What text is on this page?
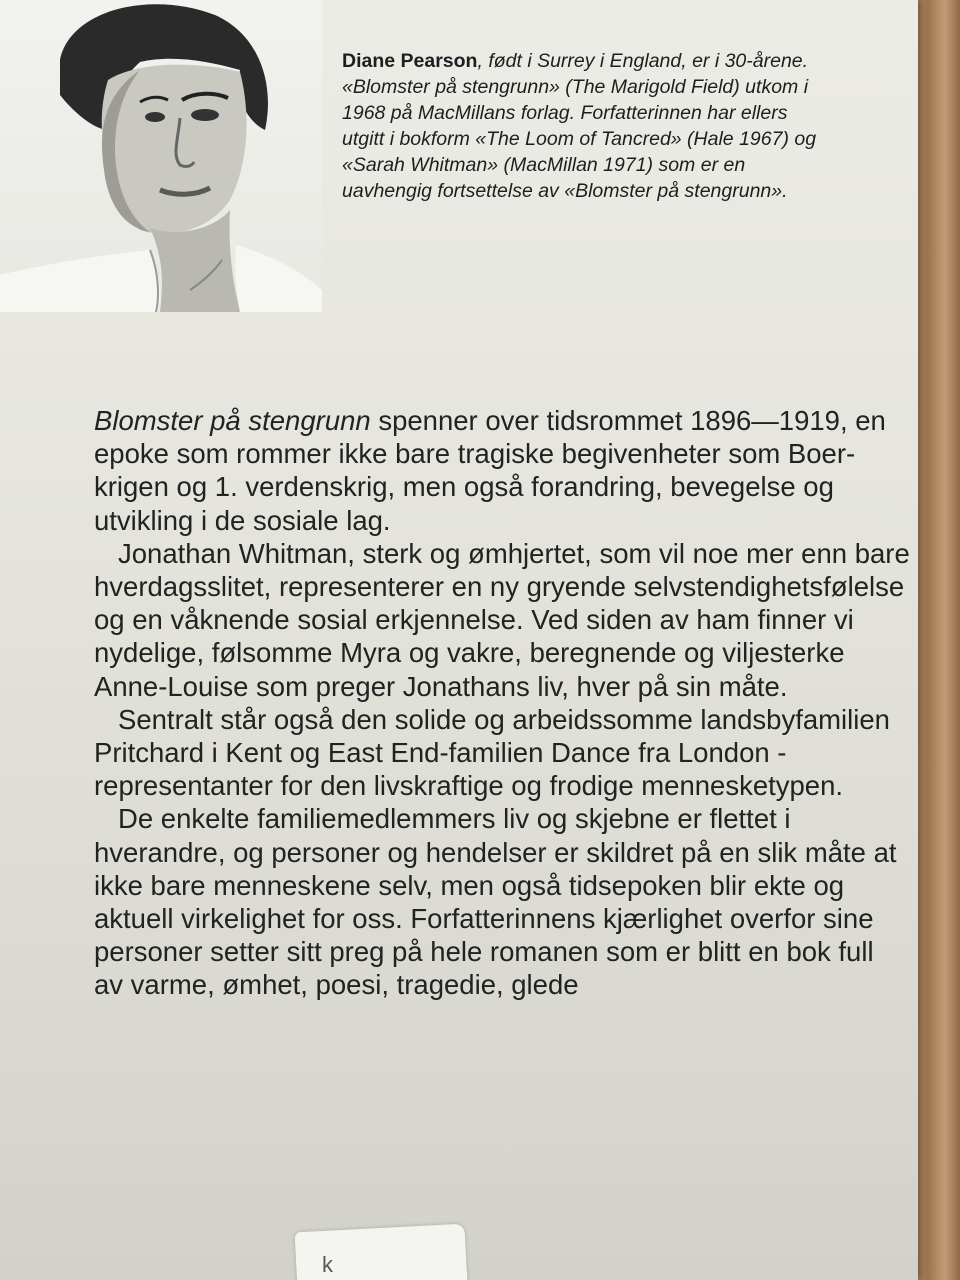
Diane Pearson, født i Surrey i England, er i 30-årene. «Blomster på stengrunn» (The Marigold Field) utkom i 1968 på MacMillans forlag. Forfatterinnen har ellers utgitt i bokform «The Loom of Tancred» (Hale 1967) og «Sarah Whitman» (MacMillan 1971) som er en uavhengig fortsettelse av «Blomster på stengrunn».

Blomster på stengrunn spenner over tidsrommet 1896—1919, en epoke som rommer ikke bare tragiske begivenheter som Boer-krigen og 1. verdenskrig, men også forandring, bevegelse og utvikling i de sosiale lag.

Jonathan Whitman, sterk og ømhjertet, som vil noe mer enn bare hverdagsslitet, representerer en ny gryende selvstendighetsfølelse og en våknende sosial erkjennelse. Ved siden av ham finner vi nydelige, følsomme Myra og vakre, beregnende og viljesterke Anne-Louise som preger Jonathans liv, hver på sin måte.

Sentralt står også den solide og arbeidssomme landsbyfamilien Pritchard i Kent og East End-familien Dance fra London - representanter for den livskraftige og frodige mennesketypen.

De enkelte familiemedlemmers liv og skjebne er flettet i hverandre, og personer og hendelser er skildret på en slik måte at ikke bare menneskene selv, men også tidsepoken blir ekte og aktuell virkelighet for oss. Forfatterinnens kjærlighet overfor sine personer setter sitt preg på hele romanen som er blitt en bok full av varme, ømhet, poesi, tragedie, glede

k
